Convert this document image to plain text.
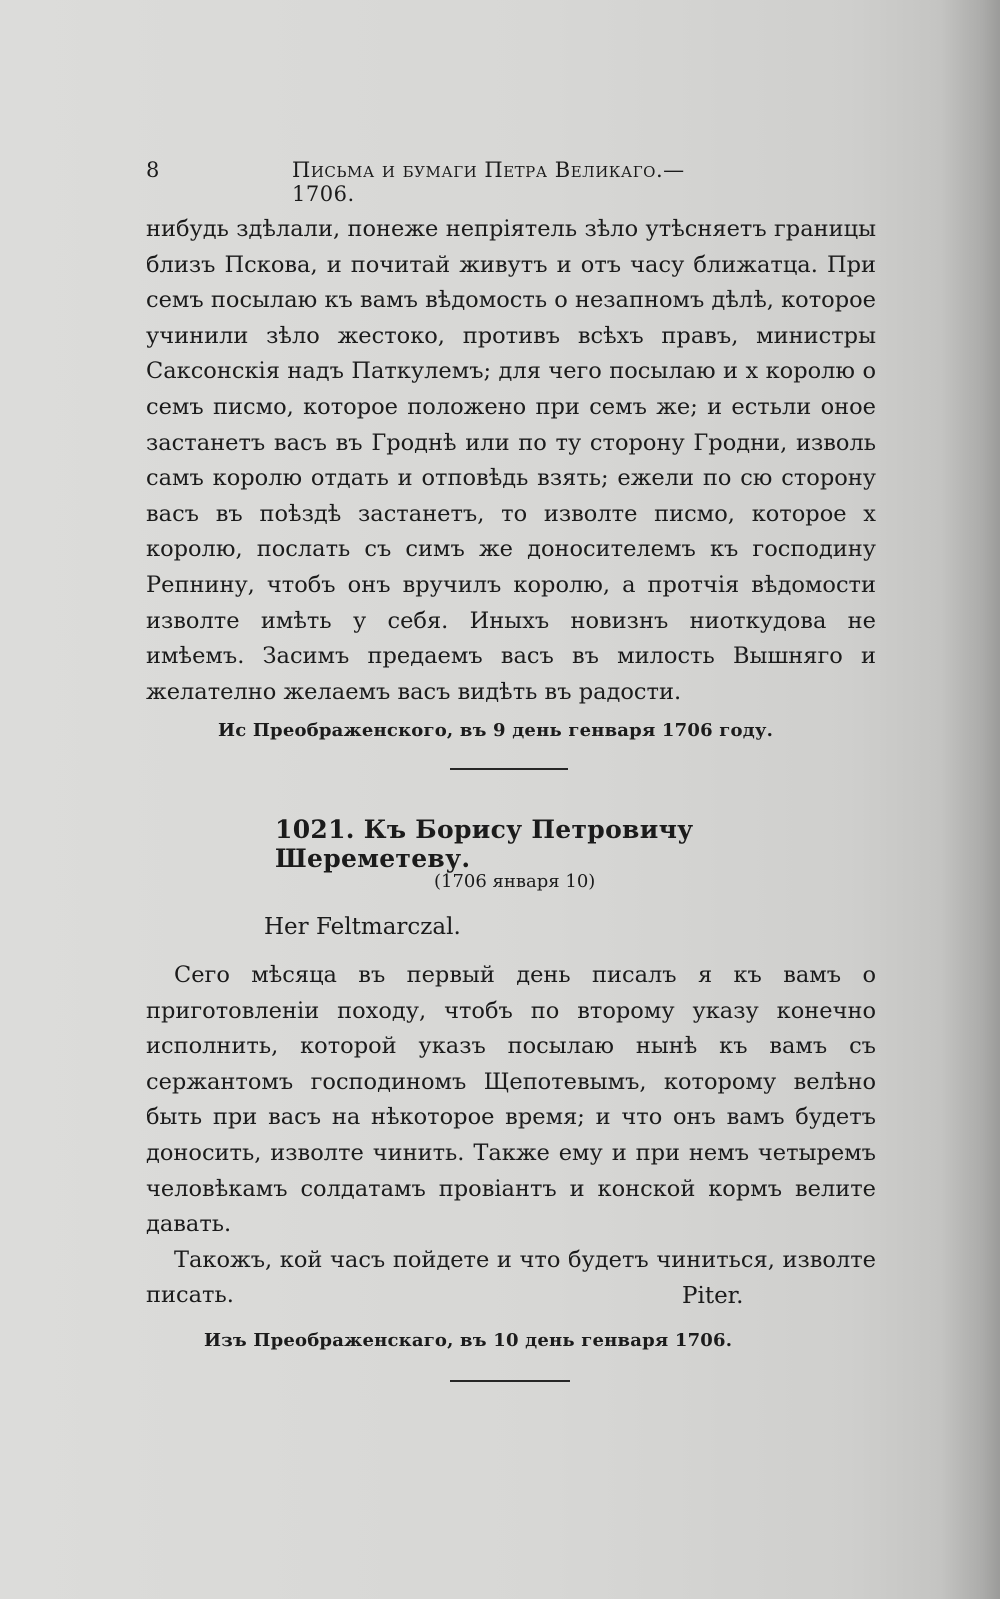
8	Письма и бумаги Петра Великаго.—1706.

нибудь здѣлали, понеже непріятель зѣло утѣсняетъ границы близъ Пскова, и почитай живутъ и отъ часу ближатца. При семъ посылаю къ вамъ вѣдомость о незапномъ дѣлѣ, которое учинили зѣло жестоко, противъ всѣхъ правъ, министры Саксонскія надъ Паткулемъ; для чего посылаю и х королю о семъ писмо, которое положено при семъ же; и естьли оное застанетъ васъ въ Гроднѣ или по ту сторону Гродни, изволь самъ королю отдать и отповѣдь взять; ежели по сю сторону васъ въ поѣздѣ застанетъ, то изволте писмо, которое х королю, послать съ симъ же доносителемъ къ господину Репнину, чтобъ онъ вручилъ королю, а протчія вѣдомости изволте имѣть у себя. Иныхъ новизнъ ниоткудова не имѣемъ. Засимъ предаемъ васъ въ милость Вышняго и желателно желаемъ васъ видѣть въ радости.

Ис Преображенского, въ 9 день генваря 1706 году.
1021. Къ Борису Петровичу Шереметеву.
(1706 января 10)
Her Feltmarczal.

Сего мѣсяца въ первый день писалъ я къ вамъ о приготовленіи походу, чтобъ по второму указу конечно исполнить, которой указъ посылаю нынѣ къ вамъ съ сержантомъ господиномъ Щепотевымъ, которому велѣно быть при васъ на нѣкоторое время; и что онъ вамъ будетъ доносить, изволте чинить. Также ему и при немъ четыремъ человѣкамъ солдатамъ провіантъ и конской кормъ велите давать.

Такожъ, кой часъ пойдете и что будетъ чиниться, изволте писать.	Piter.
Изъ Преображенскаго, въ 10 день генваря 1706.
